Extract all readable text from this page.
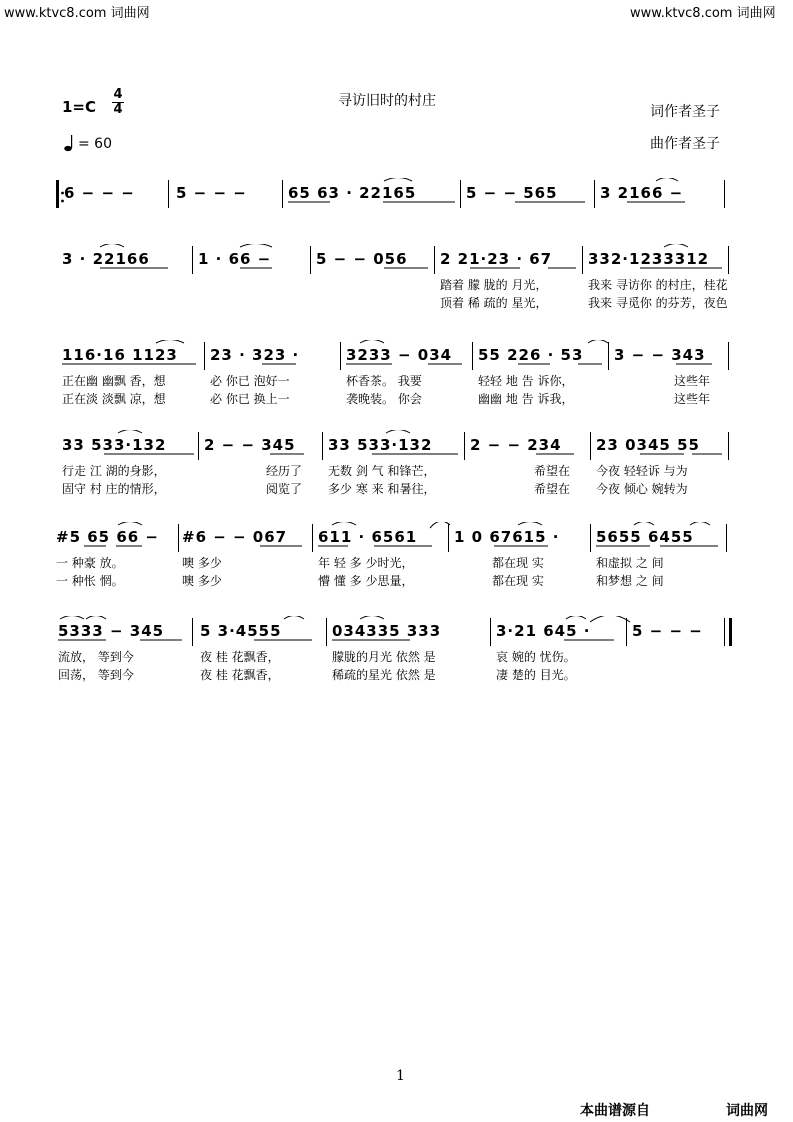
www.ktvc8.com 词曲网	www.ktvc8.com 词曲网
寻访旧时的村庄
1=C
4
4	词作者圣子
= 60	曲作者圣子
6 − − −	5 − − −	65 63 · 22165	5 − − 565	3 2166 −
3 · 22166	1 · 66 −	5 − − 056	2 21·23 · 67	332·1233312
踏着 朦 胧的 月光，	我来 寻访你 的村庄，桂花
顶着 稀 疏的 星光，	我来 寻觅你 的芬芳，夜色
116·16 1123	23 · 323 ·	3233 − 034	55 226 · 53	3 − − 343
正在幽 幽飘 香，想	必 你已 泡好一	杯香茶。 我要	轻轻 地 告 诉你，	这些年
正在淡 淡飘 凉，想	必 你已 换上一	袭晚装。 你会	幽幽 地 告 诉我，	这些年
33 533·132	2 − − 345	33 533·132	2 − − 234	23 0345 55
行走 江 湖的身影，	经历了	无数 剑 气 和锋芒，	希望在	今夜 轻轻诉 与为
固守 村 庄的情形，	阅览了	多少 寒 来 和暑往，	希望在	今夜 倾心 婉转为
#5 65 66 −	#6 − − 067	611 · 6561	1 0 67615 ·	5655 6455
一 种豪 放。	噢 多少	年 轻 多 少时光，	都在现 实	和虚拟 之 间
一 种怅 惘。	噢 多少	懵 懂 多 少思量，	都在现 实	和梦想 之 间
5333 − 345	5 3·4555	034335 333	3·21 645 ·	5 − − −
流放， 等到今	夜 桂 花飘香，	朦胧的月光 依然 是	哀 婉的 忧伤。
回荡， 等到今	夜 桂 花飘香，	稀疏的星光 依然 是	凄 楚的 目光。
1
本曲谱源自	词曲网
